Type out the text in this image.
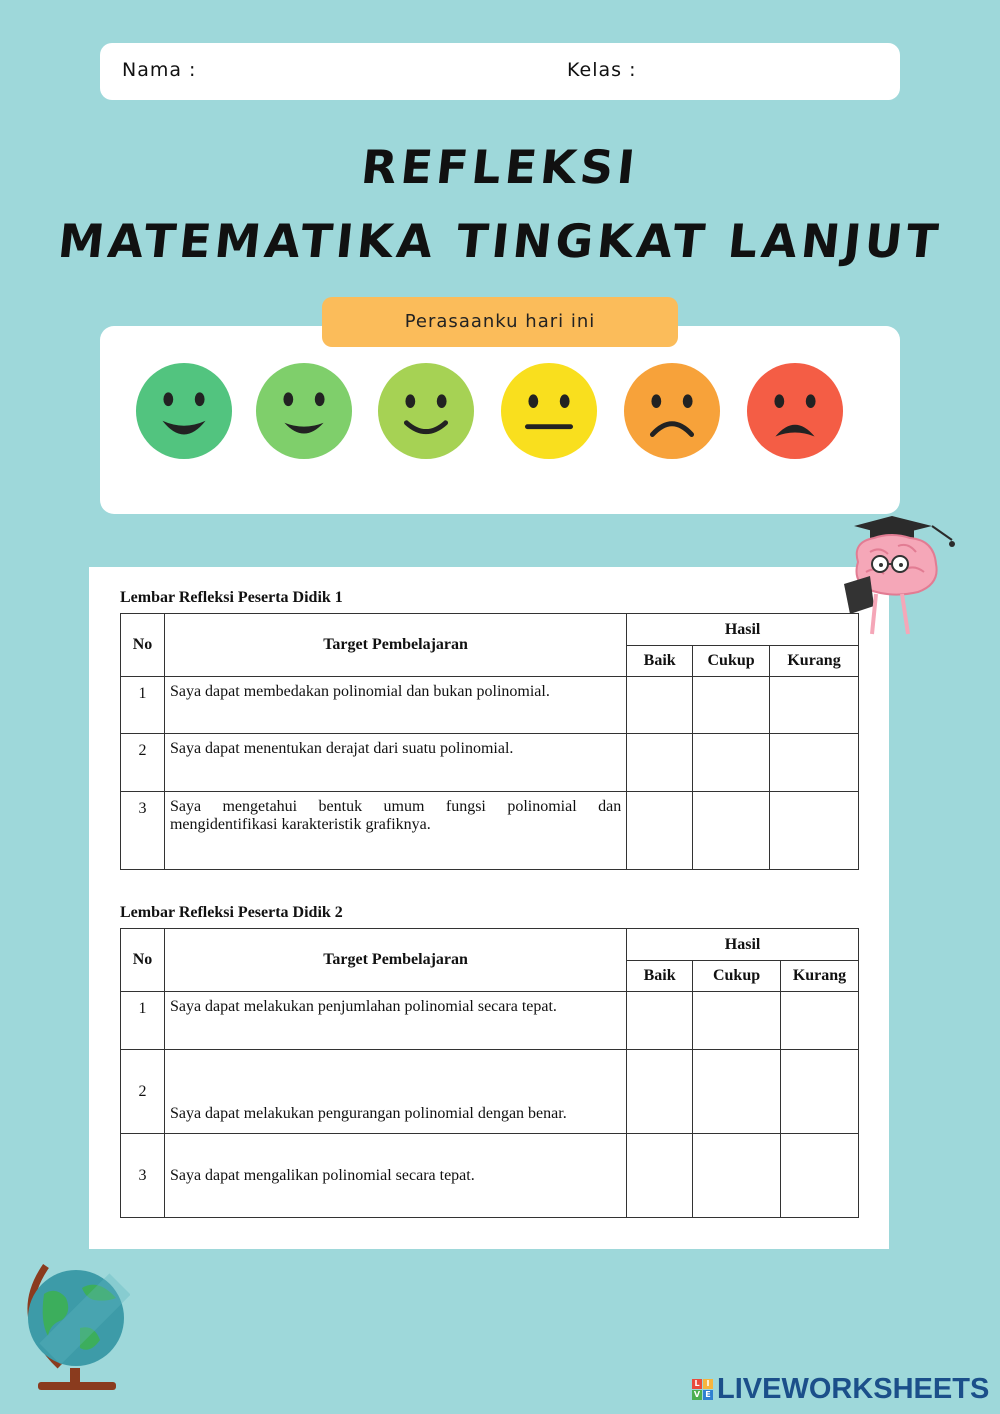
Nama :	Kelas :
REFLEKSI
MATEMATIKA TINGKAT LANJUT
Perasaanku hari ini
Lembar Refleksi Peserta Didik 1
No	Target Pembelajaran	Hasil		
		Baik	Cukup	Kurang
1	Saya dapat membedakan polinomial dan bukan polinomial.			
2	Saya dapat menentukan derajat dari suatu polinomial.			
3	Saya mengetahui bentuk umum fungsi polinomial dan mengidentifikasi karakteristik grafiknya.			
Lembar Refleksi Peserta Didik 2
No	Target Pembelajaran	Hasil		
		Baik	Cukup	Kurang
1	Saya dapat melakukan penjumlahan polinomial secara tepat.			
2	Saya dapat melakukan pengurangan polinomial dengan benar.			
3	Saya dapat mengalikan polinomial secara tepat.			
L I
V E LIVEWORKSHEETS
